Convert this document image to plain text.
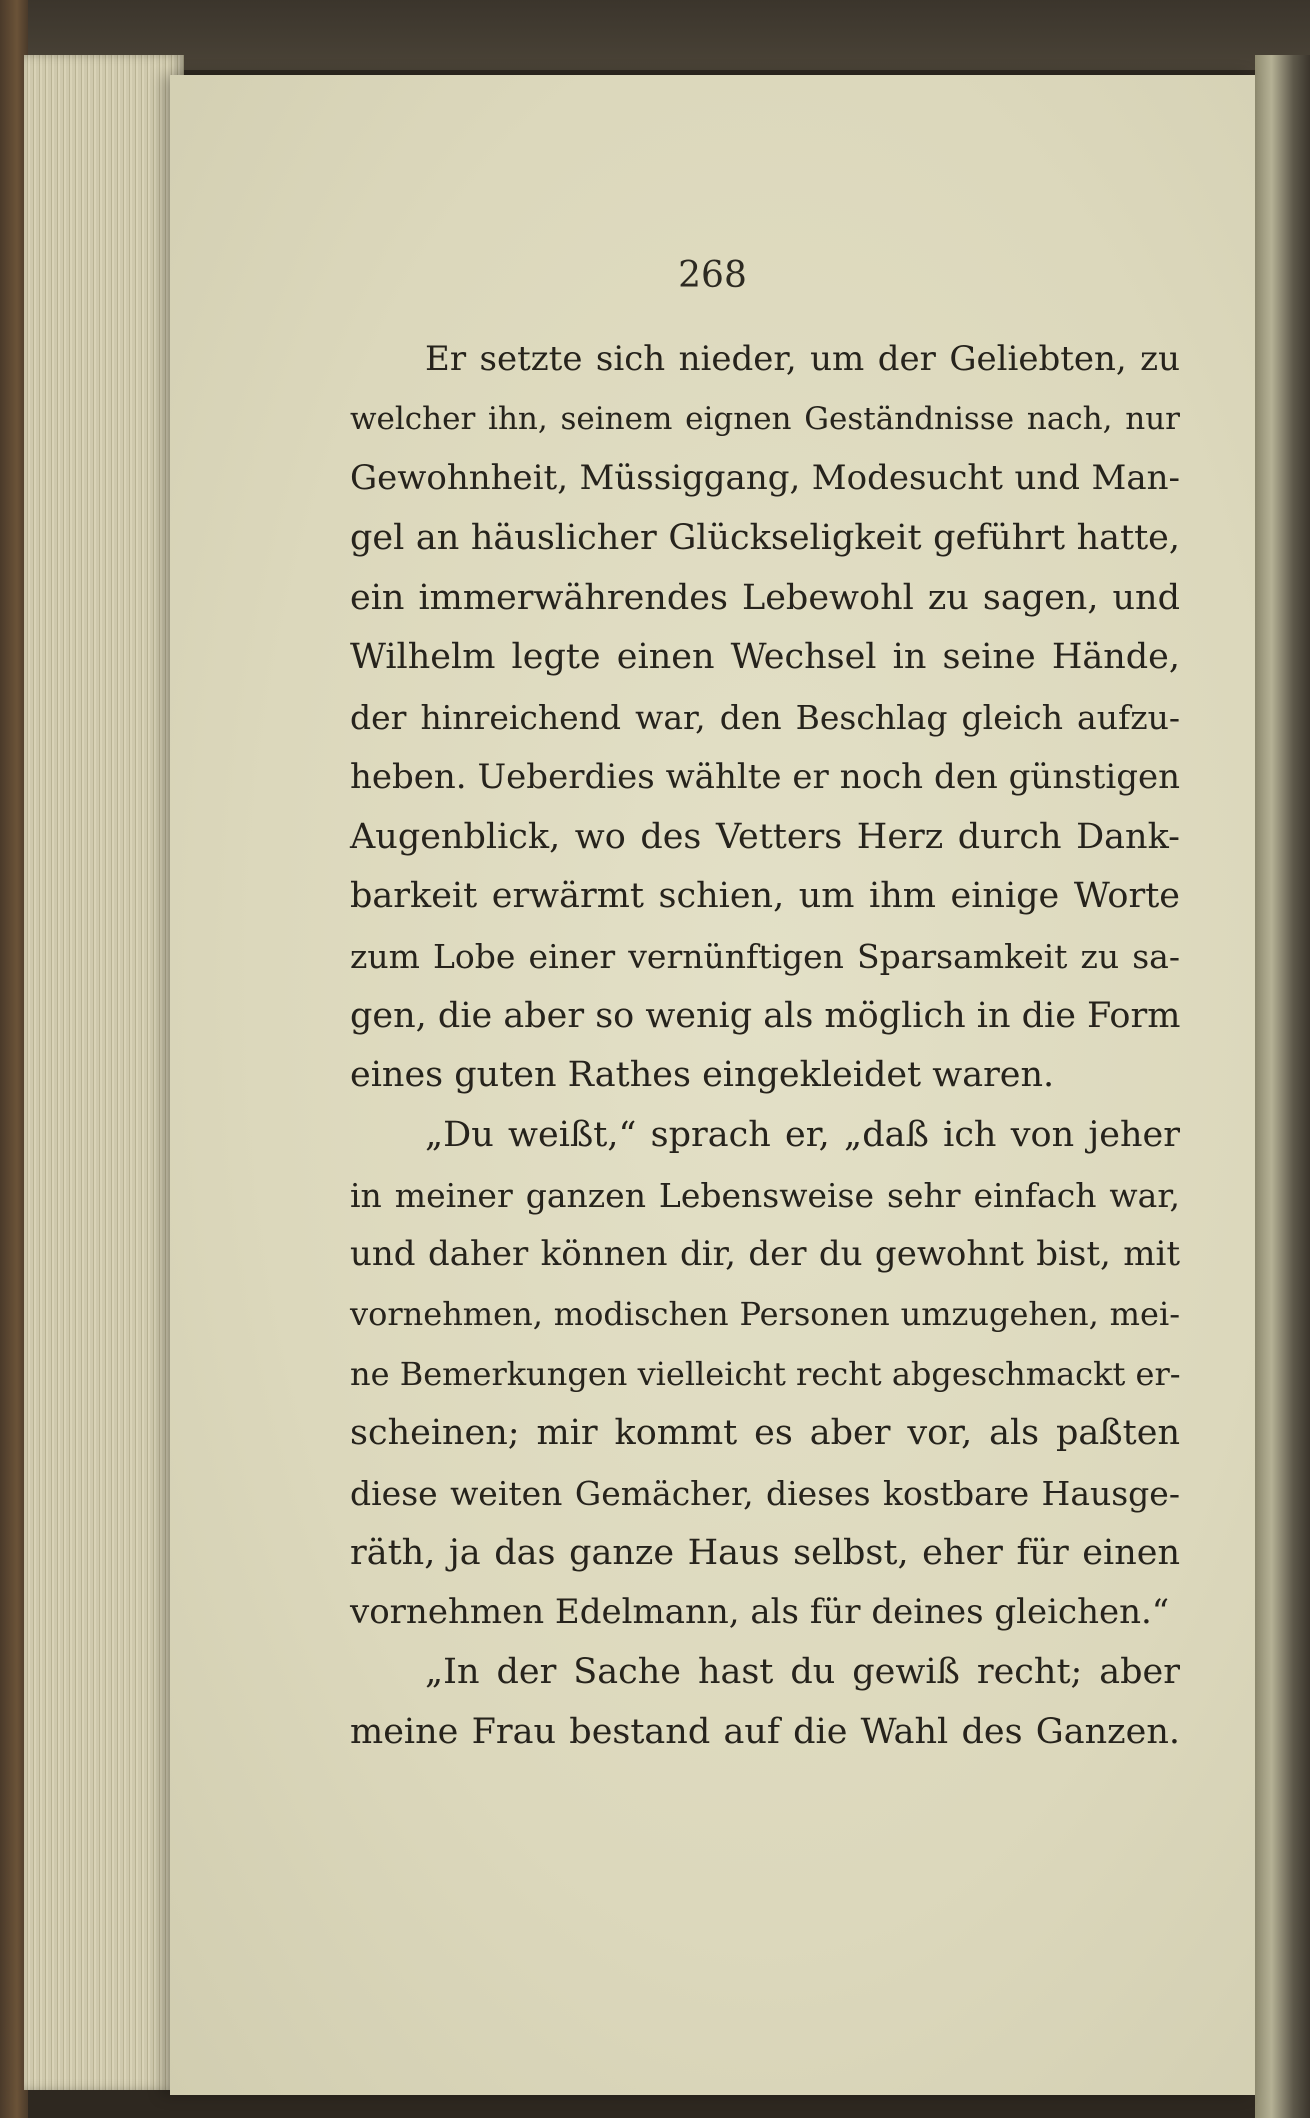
268
Er setzte sich nieder, um der Geliebten, zu
welcher ihn, seinem eignen Geständnisse nach, nur
Gewohnheit, Müssiggang, Modesucht und Man-
gel an häuslicher Glückseligkeit geführt hatte,
ein immerwährendes Lebewohl zu sagen, und
Wilhelm legte einen Wechsel in seine Hände,
der hinreichend war, den Beschlag gleich aufzu-
heben. Ueberdies wählte er noch den günstigen
Augenblick, wo des Vetters Herz durch Dank-
barkeit erwärmt schien, um ihm einige Worte
zum Lobe einer vernünftigen Sparsamkeit zu sa-
gen, die aber so wenig als möglich in die Form
eines guten Rathes eingekleidet waren.
„Du weißt,“ sprach er, „daß ich von jeher
in meiner ganzen Lebensweise sehr einfach war,
und daher können dir, der du gewohnt bist, mit
vornehmen, modischen Personen umzugehen, mei-
ne Bemerkungen vielleicht recht abgeschmackt er-
scheinen; mir kommt es aber vor, als paßten
diese weiten Gemächer, dieses kostbare Hausge-
räth, ja das ganze Haus selbst, eher für einen
vornehmen Edelmann, als für deines gleichen.“
„In der Sache hast du gewiß recht; aber
meine Frau bestand auf die Wahl des Ganzen.
